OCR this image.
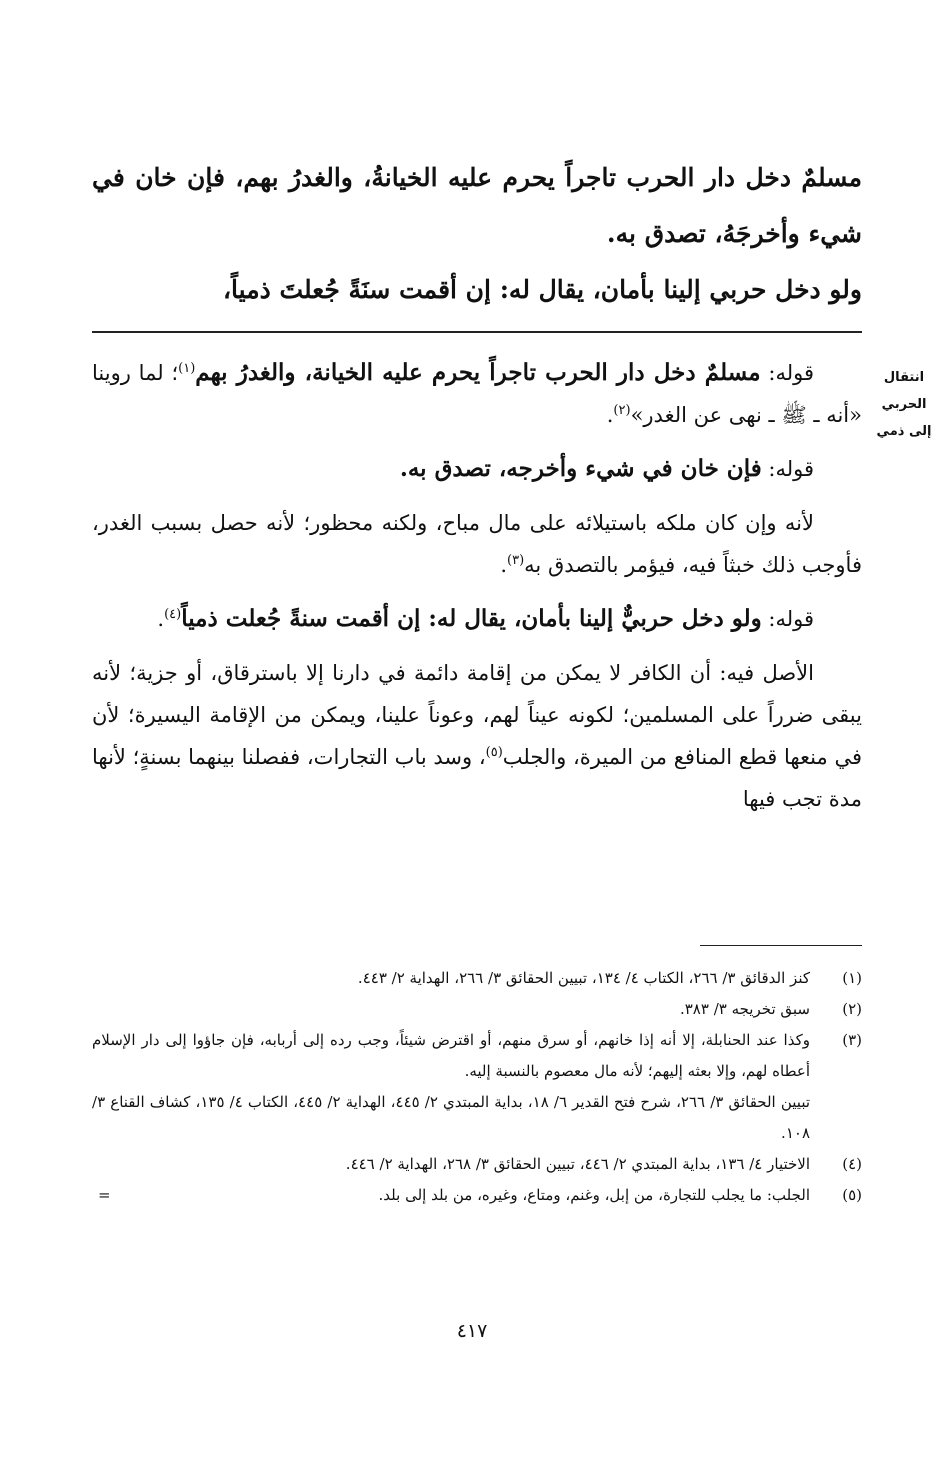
مسلمٌ دخل دار الحرب تاجراً يحرم عليه الخيانةُ، والغدرُ بهم، فإن خان في شيء وأخرجَهُ، تصدق به.

ولو دخل حربي إلينا بأمان، يقال له: إن أقمت سنَةً جُعلتَ ذمياً،

انتقال
الحربي
إلى ذمي

قوله: مسلمٌ دخل دار الحرب تاجراً يحرم عليه الخيانة، والغدرُ بهم$^{(١)}$؛ لما روينا «أنه ـ ﷺ ـ نهى عن الغدر»$^{(٢)}$.

قوله: فإن خان في شيء وأخرجه، تصدق به.

لأنه وإن كان ملكه باستيلائه على مال مباح، ولكنه محظور؛ لأنه حصل بسبب الغدر، فأوجب ذلك خبثاً فيه، فيؤمر بالتصدق به$^{(٣)}$.

قوله: ولو دخل حربيٌّ إلينا بأمان، يقال له: إن أقمت سنةً جُعلت ذمياً$^{(٤)}$.

الأصل فيه: أن الكافر لا يمكن من إقامة دائمة في دارنا إلا باسترقاق، أو جزية؛ لأنه يبقى ضرراً على المسلمين؛ لكونه عيناً لهم، وعوناً علينا، ويمكن من الإقامة اليسيرة؛ لأن في منعها قطع المنافع من الميرة، والجلب$^{(٥)}$، وسد باب التجارات، ففصلنا بينهما بسنةٍ؛ لأنها مدة تجب فيها

(١)
كنز الدقائق ٣/ ٢٦٦، الكتاب ٤/ ١٣٤، تبيين الحقائق ٣/ ٢٦٦، الهداية ٢/ ٤٤٣.
(٢)
سبق تخريجه ٣/ ٣٨٣.
(٣)
وكذا عند الحنابلة، إلا أنه إذا خانهم، أو سرق منهم، أو اقترض شيئاً، وجب رده إلى أربابه، فإن جاؤوا إلى دار الإسلام أعطاه لهم، وإلا بعثه إليهم؛ لأنه مال معصوم بالنسبة إليه.
تبيين الحقائق ٣/ ٢٦٦، شرح فتح القدير ٦/ ١٨، بداية المبتدي ٢/ ٤٤٥، الهداية ٢/ ٤٤٥، الكتاب ٤/ ١٣٥، كشاف القناع ٣/ ١٠٨.
(٤)
الاختيار ٤/ ١٣٦، بداية المبتدي ٢/ ٤٤٦، تبيين الحقائق ٣/ ٢٦٨، الهداية ٢/ ٤٤٦.
(٥)
الجلب: ما يجلب للتجارة، من إبل، وغنم، ومتاع، وغيره، من بلد إلى بلد.
=
٤١٧
